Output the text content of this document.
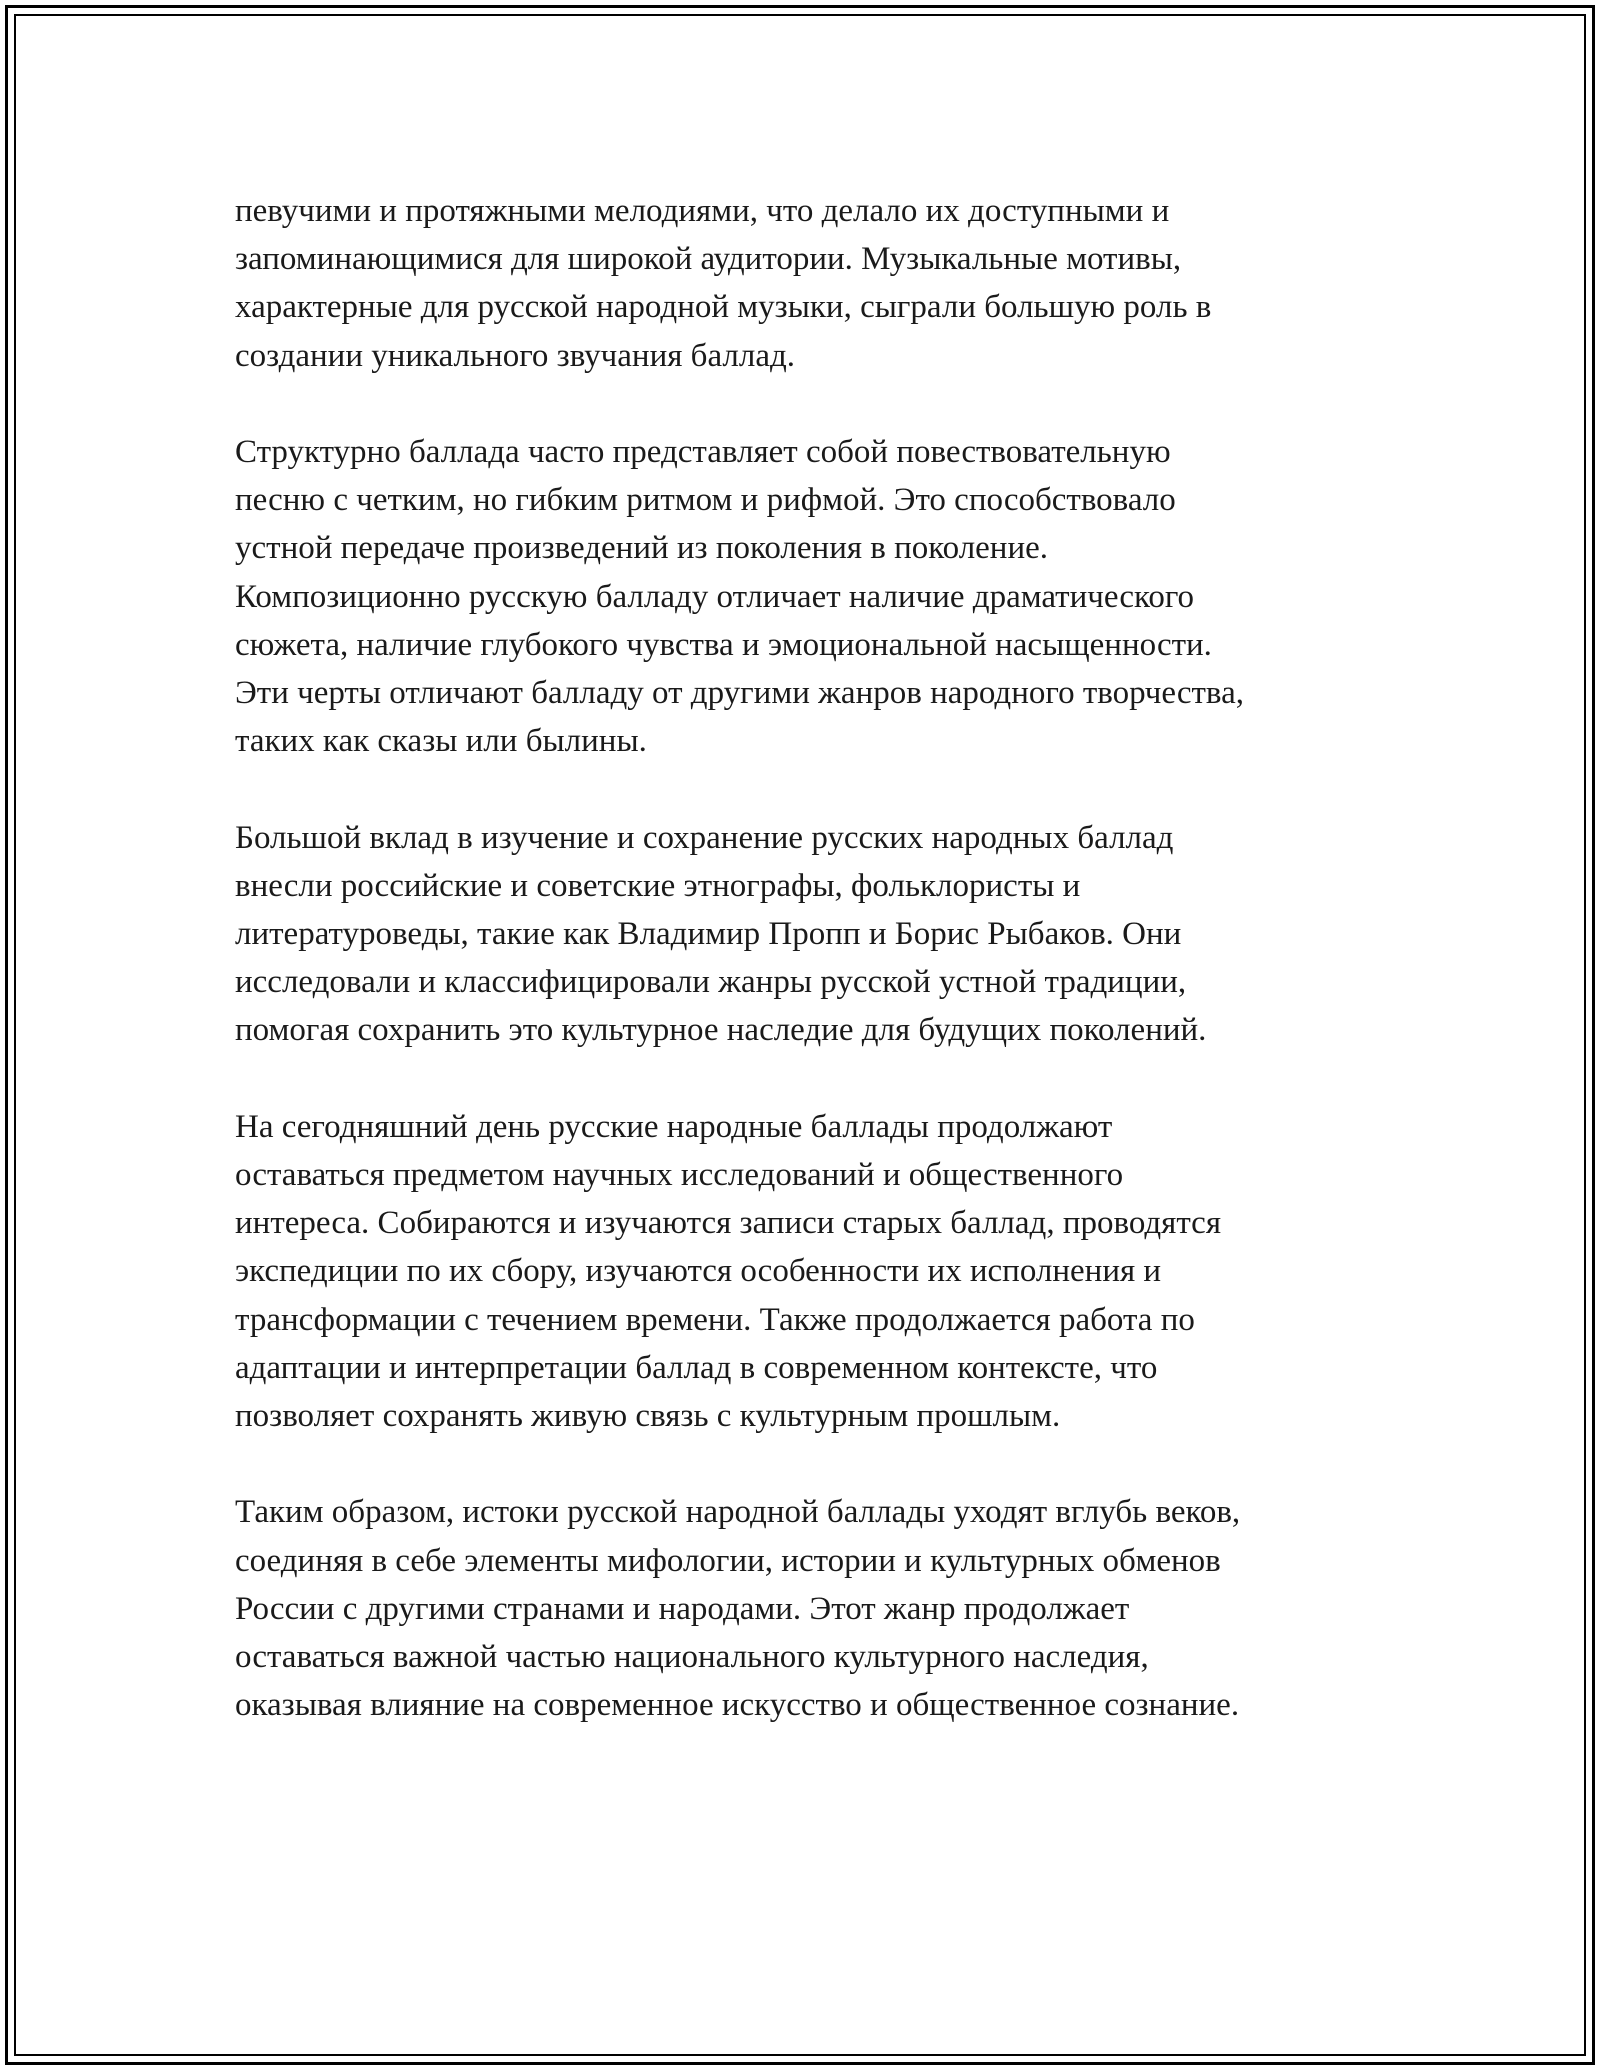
певучими и протяжными мелодиями, что делало их доступными и
запоминающимися для широкой аудитории. Музыкальные мотивы,
характерные для русской народной музыки, сыграли большую роль в
создании уникального звучания баллад.

Структурно баллада часто представляет собой повествовательную
песню с четким, но гибким ритмом и рифмой. Это способствовало
устной передаче произведений из поколения в поколение.
Композиционно русскую балладу отличает наличие драматического
сюжета, наличие глубокого чувства и эмоциональной насыщенности.
Эти черты отличают балладу от другими жанров народного творчества,
таких как сказы или былины.

Большой вклад в изучение и сохранение русских народных баллад
внесли российские и советские этнографы, фольклористы и
литературоведы, такие как Владимир Пропп и Борис Рыбаков. Они
исследовали и классифицировали жанры русской устной традиции,
помогая сохранить это культурное наследие для будущих поколений.

На сегодняшний день русские народные баллады продолжают
оставаться предметом научных исследований и общественного
интереса. Собираются и изучаются записи старых баллад, проводятся
экспедиции по их сбору, изучаются особенности их исполнения и
трансформации с течением времени. Также продолжается работа по
адаптации и интерпретации баллад в современном контексте, что
позволяет сохранять живую связь с культурным прошлым.

Таким образом, истоки русской народной баллады уходят вглубь веков,
соединяя в себе элементы мифологии, истории и культурных обменов
России с другими странами и народами. Этот жанр продолжает
оставаться важной частью национального культурного наследия,
оказывая влияние на современное искусство и общественное сознание.
